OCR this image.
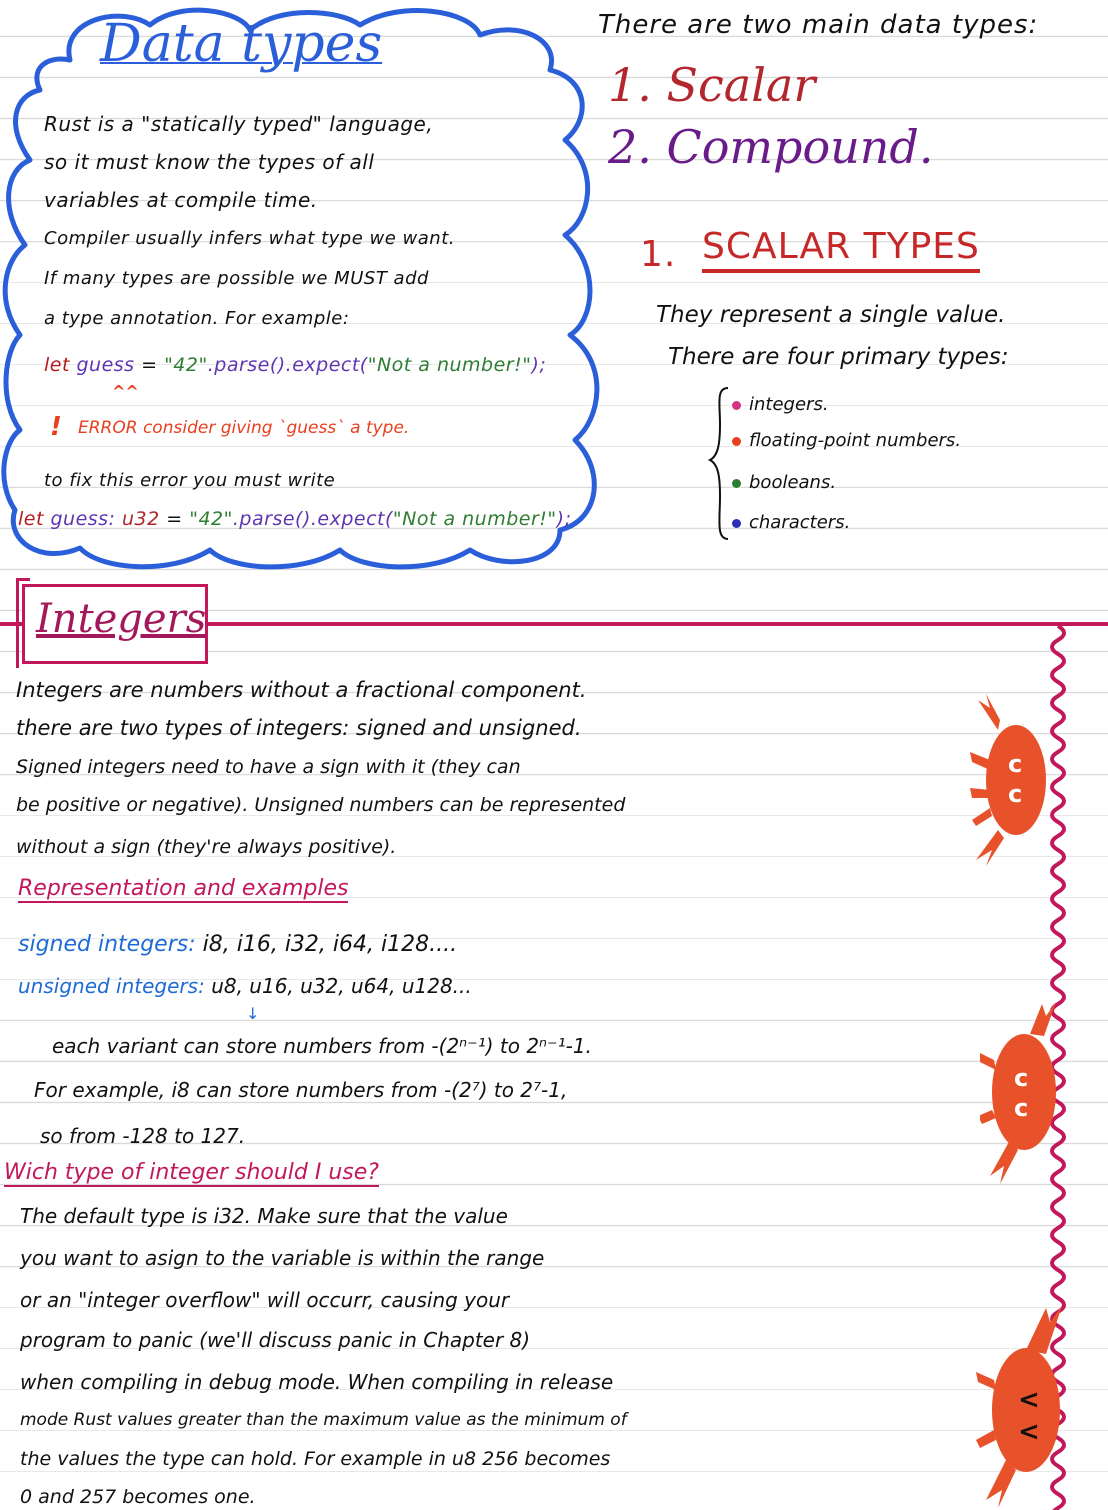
Data types
Rust is a "statically typed" language,
so it must know the types of all
variables at compile time.
Compiler usually infers what type we want.
If many types are possible we MUST add
a type annotation. For example:
let guess = "42".parse().expect("Not a number!");
^^
! ERROR consider giving `guess` a type.
to fix this error you must write
let guess: u32 = "42".parse().expect("Not a number!");
There are two main data types:
1. Scalar
2. Compound.
1. SCALAR TYPES
They represent a single value.
There are four primary types:
integers.
floating-point numbers.
booleans.
characters.
Integers
Integers are numbers without a fractional component.
there are two types of integers: signed and unsigned.
Signed integers need to have a sign with it (they can
be positive or negative). Unsigned numbers can be represented
without a sign (they're always positive).
Representation and examples
signed integers: i8, i16, i32, i64, i128....
unsigned integers: u8, u16, u32, u64, u128...
↓
each variant can store numbers from -(2ⁿ⁻¹) to 2ⁿ⁻¹-1.
For example, i8 can store numbers from -(2⁷) to 2⁷-1,
so from -128 to 127.
Wich type of integer should I use?
The default type is i32. Make sure that the value
you want to asign to the variable is within the range
or an "integer overflow" will occurr, causing your
program to panic (we'll discuss panic in Chapter 8)
when compiling in debug mode. When compiling in release
mode Rust values greater than the maximum value as the minimum of
the values the type can hold. For example in u8 256 becomes
0 and 257 becomes one.
c
c
c
c
<
<
